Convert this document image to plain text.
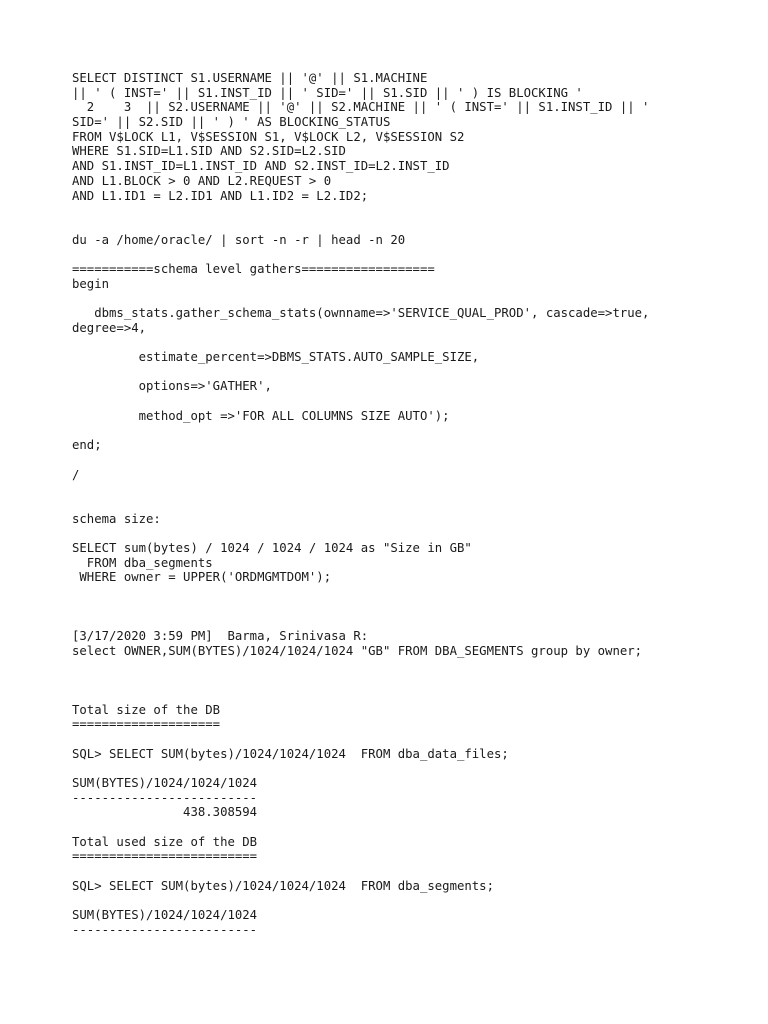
SELECT DISTINCT S1.USERNAME || '@' || S1.MACHINE
|| ' ( INST=' || S1.INST_ID || ' SID=' || S1.SID || ' ) IS BLOCKING '
2    3  || S2.USERNAME || '@' || S2.MACHINE || ' ( INST=' || S1.INST_ID || '
SID=' || S2.SID || ' ) ' AS BLOCKING_STATUS
FROM V$LOCK L1, V$SESSION S1, V$LOCK L2, V$SESSION S2
WHERE S1.SID=L1.SID AND S2.SID=L2.SID
AND S1.INST_ID=L1.INST_ID AND S2.INST_ID=L2.INST_ID
AND L1.BLOCK > 0 AND L2.REQUEST > 0
AND L1.ID1 = L2.ID1 AND L1.ID2 = L2.ID2;
du -a /home/oracle/ | sort -n -r | head -n 20
===========schema level gathers==================
begin
dbms_stats.gather_schema_stats(ownname=>'SERVICE_QUAL_PROD', cascade=>true,
degree=>4,
estimate_percent=>DBMS_STATS.AUTO_SAMPLE_SIZE,
options=>'GATHER',
method_opt =>'FOR ALL COLUMNS SIZE AUTO');
end;
/
schema size:
SELECT sum(bytes) / 1024 / 1024 / 1024 as "Size in GB"
FROM dba_segments
WHERE owner = UPPER('ORDMGMTDOM');
[3/17/2020 3:59 PM]  Barma, Srinivasa R:
select OWNER,SUM(BYTES)/1024/1024/1024 "GB" FROM DBA_SEGMENTS group by owner;
Total size of the DB
====================
SQL> SELECT SUM(bytes)/1024/1024/1024  FROM dba_data_files;
SUM(BYTES)/1024/1024/1024
-------------------------
438.308594
Total used size of the DB
=========================
SQL> SELECT SUM(bytes)/1024/1024/1024  FROM dba_segments;
SUM(BYTES)/1024/1024/1024
-------------------------
